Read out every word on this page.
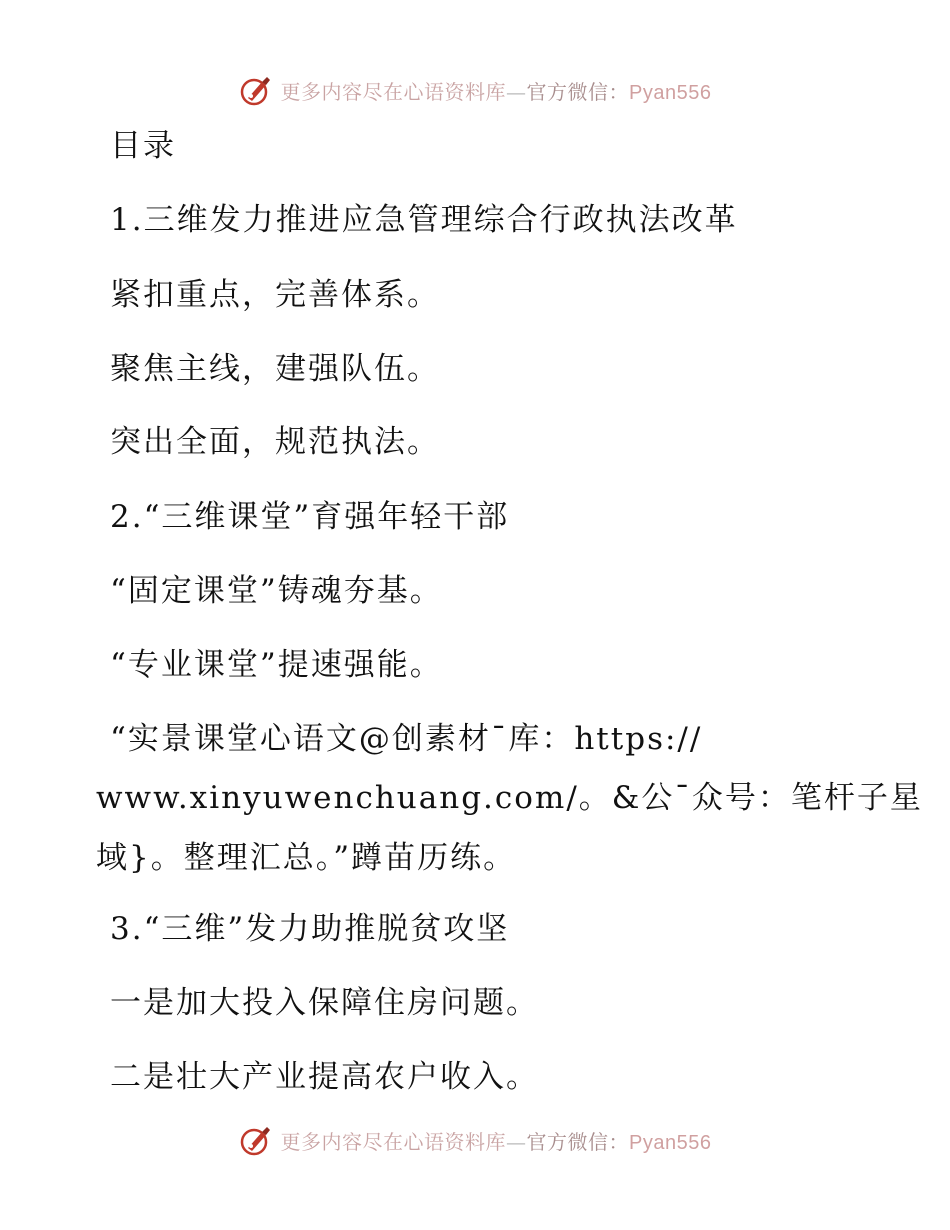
更多内容尽在心语资料库—官方微信：Pyan556
目录
1.三维发力推进应急管理综合行政执法改革
紧扣重点，完善体系。
聚焦主线，建强队伍。
突出全面，规范执法。
2.“三维课堂”育强年轻干部
“固定课堂”铸魂夯基。
“专业课堂”提速强能。
“实景课堂心语文@创素材¯库：https://
www.xinyuwenchuang.com/。&公¯众号：笔杆子星
域}。整理汇总。”蹲苗历练。
3.“三维”发力助推脱贫攻坚
一是加大投入保障住房问题。
二是壮大产业提高农户收入。
更多内容尽在心语资料库—官方微信：Pyan556
